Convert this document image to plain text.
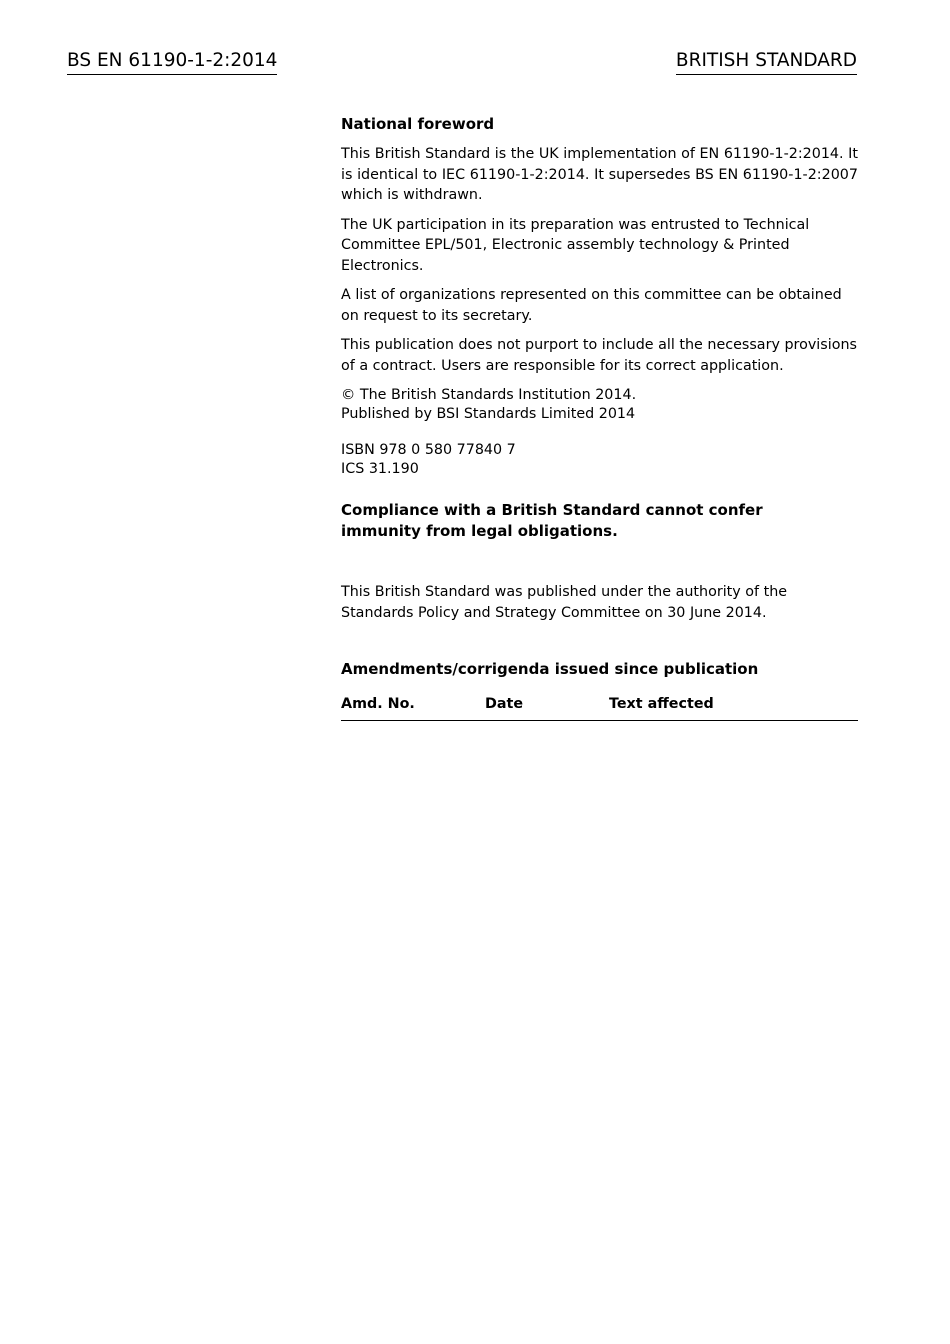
BS EN 61190-1-2:2014	BRITISH STANDARD
National foreword

This British Standard is the UK implementation of EN 61190-1-2:2014. It is identical to IEC 61190-1-2:2014. It supersedes BS EN 61190-1-2:2007 which is withdrawn.

The UK participation in its preparation was entrusted to Technical Committee EPL/501, Electronic assembly technology & Printed Electronics.

A list of organizations represented on this committee can be obtained on request to its secretary.

This publication does not purport to include all the necessary provisions of a contract. Users are responsible for its correct application.

© The British Standards Institution 2014.
Published by BSI Standards Limited 2014
ISBN 978 0 580 77840 7
ICS 31.190
Compliance with a British Standard cannot confer immunity from legal obligations.
This British Standard was published under the authority of the Standards Policy and Strategy Committee on 30 June 2014.
Amendments/corrigenda issued since publication
Amd. No.	Date	Text affected
